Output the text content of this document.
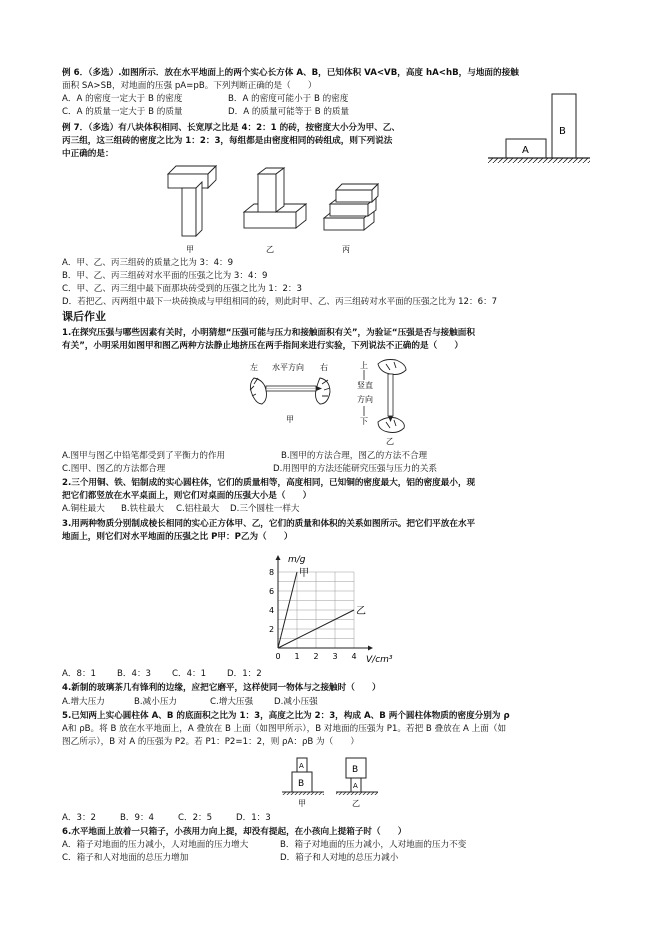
例 6．（多选）.如图所示．放在水平地面上的两个实心长方体 A、B，已知体积 VA<VB，高度 hA<hB，与地面的接触
面积 SA>SB，对地面的压强 pA=pB。下列判断正确的是（　　）
A．A 的密度一定大于 B 的密度	B．A 的密度可能小于 B 的密度
C．A 的质量一定大于 B 的质量	D．A 的质量可能等于 B 的质量
A
B
例 7．（多选）有八块体积相同、长宽厚之比是 4：2：1 的砖，按密度大小分为甲、乙、
丙三组，这三组砖的密度之比为 1：2：3，每组都是由密度相同的砖组成，则下列说法
中正确的是：
甲	乙	丙
A．甲、乙、丙三组砖的质量之比为 3：4：9
B．甲、乙、丙三组砖对水平面的压强之比为 3：4：9
C．甲、乙、丙三组中最下面那块砖受到的压强之比为 1：2：3
D．若把乙、丙两组中最下一块砖换成与甲组相同的砖，则此时甲、乙、丙三组砖对水平面的压强之比为 12：6：7
课后作业
1.在探究压强与哪些因素有关时，小明猜想“压强可能与压力和接触面积有关”，为验证“压强是否与接触面积
有关”，小明采用如图甲和图乙两种方法静止地挤压在两手指间来进行实验，下列说法不正确的是（　　）
左 水平方向 右
甲
上
竖直
方向
下
乙
A.图甲与图乙中铅笔都受到了平衡力的作用	B.图甲的方法合理，图乙的方法不合理
C.图甲、图乙的方法都合理	D.用图甲的方法还能研究压强与压力的关系
2.三个用铜、铁、铝制成的实心圆柱体，它们的质量相等，高度相同，已知铜的密度最大，铝的密度最小，现
把它们都竖放在水平桌面上，则它们对桌面的压强大小是（　　）
A.铜柱最大 B.铁柱最大 C.铝柱最大 D.三个圆柱一样大
3.用两种物质分别制成棱长相同的实心正方体甲、乙，它们的质量和体积的关系如图所示。把它们平放在水平
地面上，则它们对水平地面的压强之比 P甲：P乙为（　　）
0 1 2 3 4
2
4
6
8 甲
乙
m/g
V/cm³
A．8：1 B．4：3 C．4：1 D．1：2
4.新制的玻璃茶几有锋利的边缘，应把它磨平，这样使同一物体与之接触时（　　）
A.增大压力	B.减小压力	C.增大压强 D.减小压强
5.已知两上实心圆柱体 A、B 的底面积之比为 1：3，高度之比为 2：3，构成 A、B 两个圆柱体物质的密度分别为 ρ
A和 ρB。将 B 放在水平地面上，A 叠放在 B 上面（如图甲所示），B 对地面的压强为 P1。若把 B 叠放在 A 上面（如
图乙所示），B 对 A 的压强为 P2。若 P1：P2=1：2，则 ρA：ρB 为（　　）
A
B
甲
B
A
乙
A．3：2	B．9：4	C．2：5	D．1：3
6.水平地面上放着一只箱子，小孩用力向上提，却没有提起，在小孩向上提箱子时（　　）
A．箱子对地面的压力减小，人对地面的压力增大	B．箱子对地面的压力减小，人对地面的压力不变
C．箱子和人对地面的总压力增加	D．箱子和人对地的总压力减小
